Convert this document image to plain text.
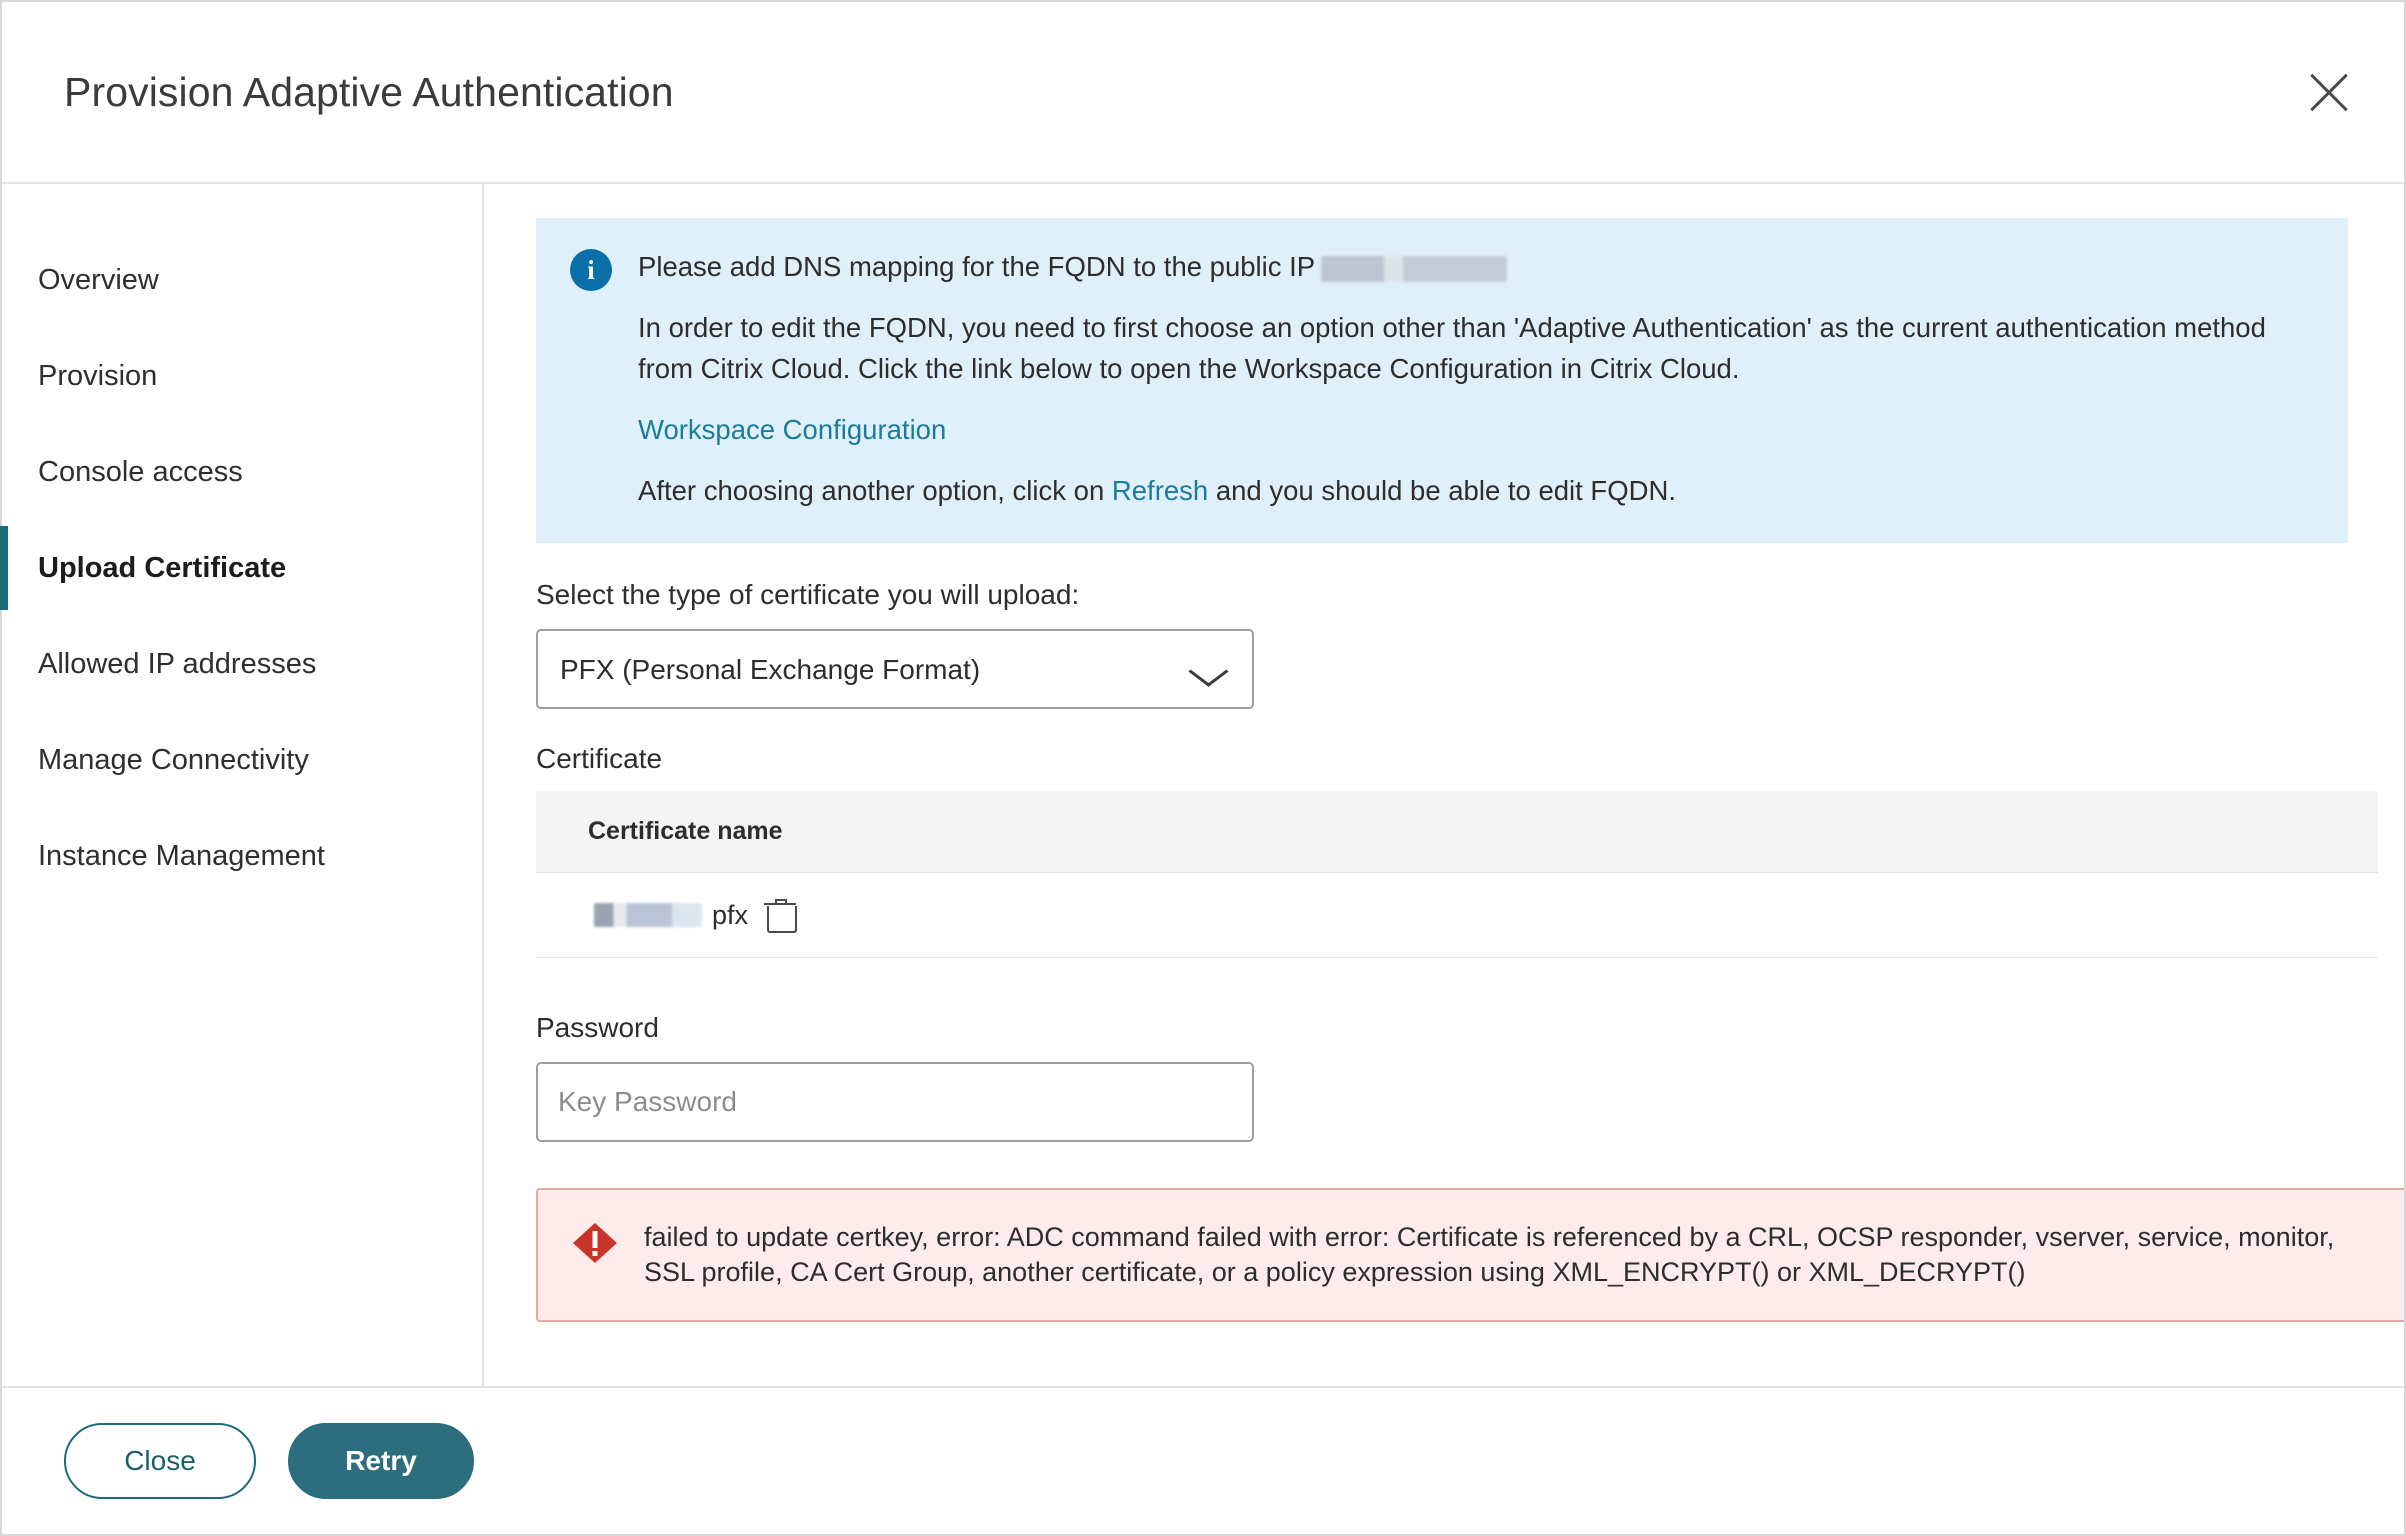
Provision Adaptive Authentication
Overview
Provision
Console access
Upload Certificate
Allowed IP addresses
Manage Connectivity
Instance Management
i	Please add DNS mapping for the FQDN to the public IP

In order to edit the FQDN, you need to first choose an option other than 'Adaptive Authentication' as the current authentication method from Citrix Cloud. Click the link below to open the Workspace Configuration in Citrix Cloud.

Workspace Configuration

After choosing another option, click on Refresh and you should be able to edit FQDN.

Select the type of certificate you will upload:
PFX (Personal Exchange Format)
Certificate
Certificate name

pfx
Password
failed to update certkey, error: ADC command failed with error: Certificate is referenced by a CRL, OCSP responder, vserver, service, monitor, SSL profile, CA Cert Group, another certificate, or a policy expression using XML_ENCRYPT() or XML_DECRYPT()
Close	Retry
